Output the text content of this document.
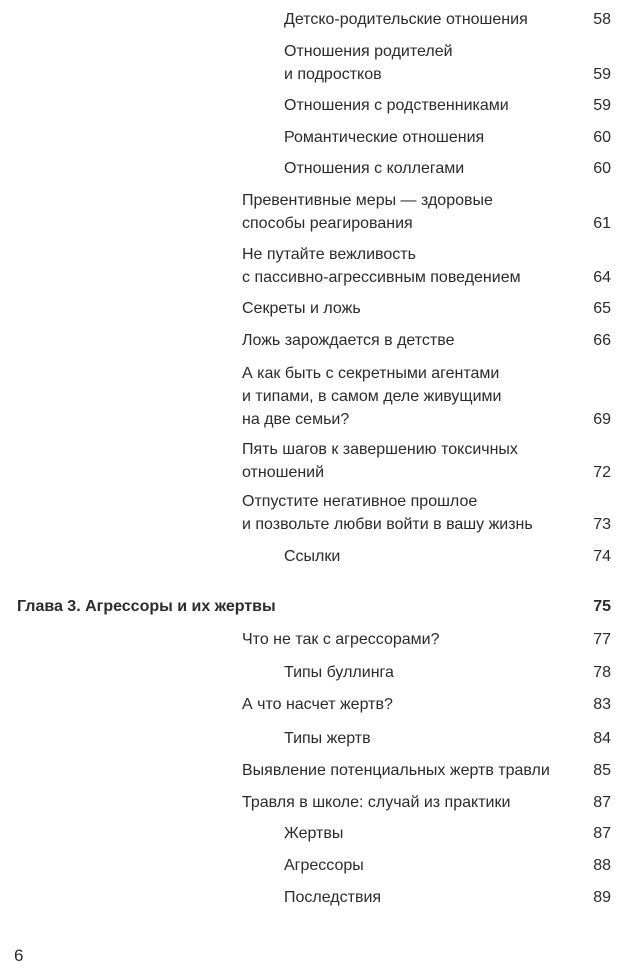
Детско-родительские отношения	58
Отношения родителей
и подростков	59
Отношения с родственниками	59
Романтические отношения	60
Отношения с коллегами	60
Превентивные меры — здоровые
способы реагирования	61
Не путайте вежливость
с пассивно-агрессивным поведением	64
Секреты и ложь	65
Ложь зарождается в детстве	66
А как быть с секретными агентами
и типами, в самом деле живущими
на две семьи?	69
Пять шагов к завершению токсичных
отношений	72
Отпустите негативное прошлое
и позвольте любви войти в вашу жизнь	73
Ссылки	74
Глава 3. Агрессоры и их жертвы	75
Что не так с агрессорами?	77
Типы буллинга	78
А что насчет жертв?	83
Типы жертв	84
Выявление потенциальных жертв травли	85
Травля в школе: случай из практики	87
Жертвы	87
Агрессоры	88
Последствия	89
6
